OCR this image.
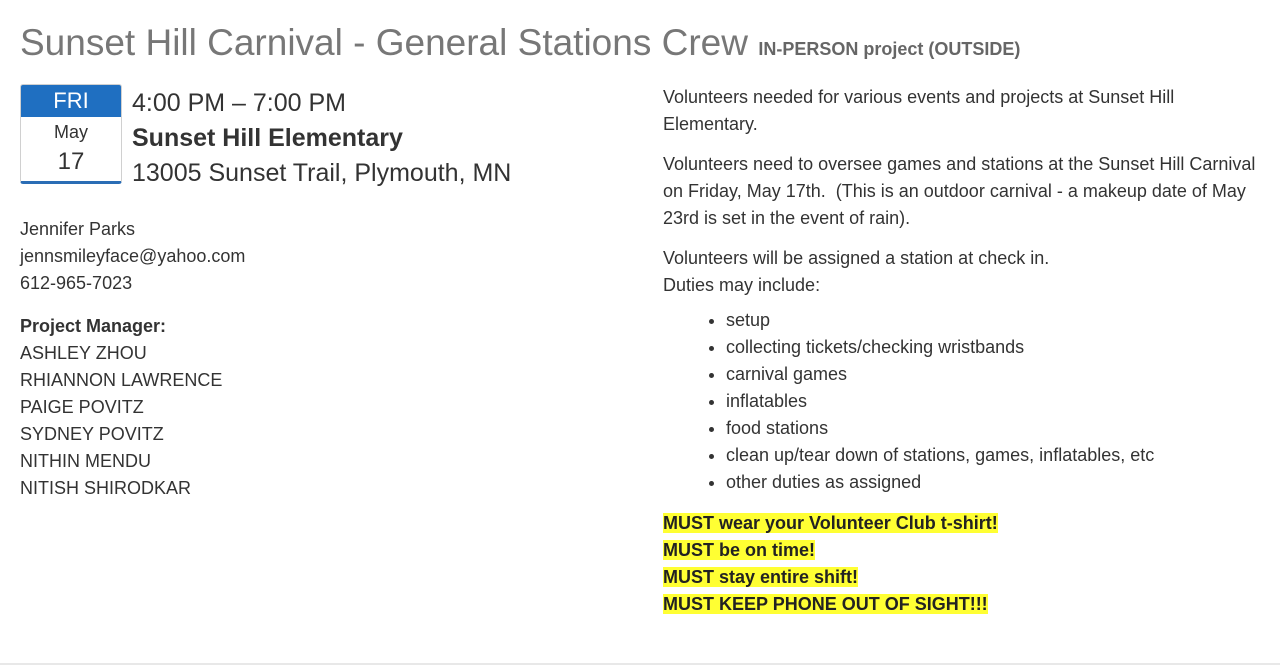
Sunset Hill Carnival - General Stations Crew IN-PERSON project (OUTSIDE)
FRI
May
17
4:00 PM – 7:00 PM
Sunset Hill Elementary
13005 Sunset Trail, Plymouth, MN
Jennifer Parks
jennsmileyface@yahoo.com
612-965-7023
Project Manager:
ASHLEY ZHOU
RHIANNON LAWRENCE
PAIGE POVITZ
SYDNEY POVITZ
NITHIN MENDU
NITISH SHIRODKAR

Volunteers needed for various events and projects at Sunset Hill Elementary.

Volunteers need to oversee games and stations at the Sunset Hill Carnival on Friday, May 17th.  (This is an outdoor carnival - a makeup date of May 23rd is set in the event of rain).

Volunteers will be assigned a station at check in.
Duties may include:
• setup
• collecting tickets/checking wristbands
• carnival games
• inflatables
• food stations
• clean up/tear down of stations, games, inflatables, etc
• other duties as assigned
MUST wear your Volunteer Club t-shirt!
MUST be on time!
MUST stay entire shift!
MUST KEEP PHONE OUT OF SIGHT!!!
